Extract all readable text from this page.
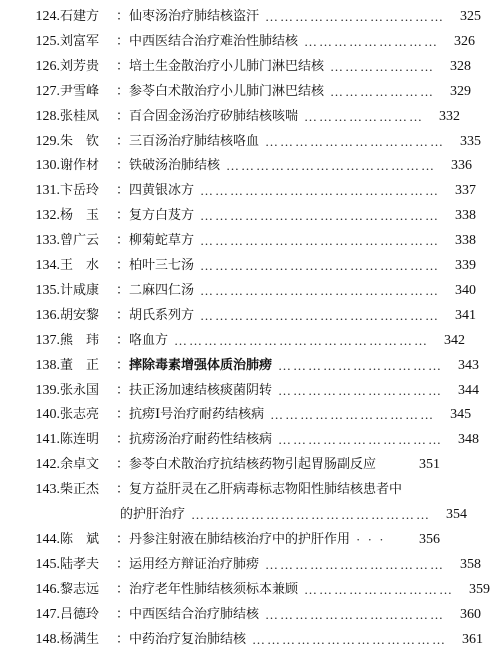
124. 石建方	： 仙枣汤治疗肺结核盗汗 ………………………………	325
125. 刘富军	： 中西医结合治疗难治性肺结核 ………………………	326
126. 刘芳贵	： 培土生金散治疗小儿肺门淋巴结核 …………………	328
127. 尹雪峰	： 参苓白术散治疗小儿肺门淋巴结核 …………………	329
128. 张桂凤	： 百合固金汤治疗矽肺结核咳喘 ……………………	332
129. 朱　钦	： 三百汤治疗肺结核咯血 ………………………………	335
130. 谢作材	： 铁破汤治肺结核 ……………………………………	336
131. 卞岳玲	： 四黄银冰方 …………………………………………	337
132. 杨　玉	： 复方白芨方 …………………………………………	338
133. 曾广云	： 柳菊蛇草方 …………………………………………	338
134. 王　水	： 柏叶三七汤 …………………………………………	339
135. 计咸康	： 二麻四仁汤 …………………………………………	340
136. 胡安黎	： 胡氏系列方 …………………………………………	341
137. 熊　玮	： 咯血方 ……………………………………………	342
138. 董　正	： 摔除毒素增强体质治肺痨 ……………………………	343
139. 张永国	： 扶正汤加速结核痰菌阴转 ……………………………	344
140. 张志亮	： 抗痨Ⅰ号治疗耐药结核病 ……………………………	345
141. 陈连明	： 抗痨汤治疗耐药性结核病 ……………………………	348
142. 余卓文	： 参苓白术散治疗抗结核药物引起胃肠副反应	351
143. 柴正杰	： 复方益肝灵在乙肝病毒标志物阳性肺结核患者中
的护肝治疗 …………………………………………	354
144. 陈　斌	： 丹参注射液在肺结核治疗中的护肝作用 · · ·	356
145. 陆孝夫	： 运用经方辩证治疗肺痨 ………………………………	358
146. 黎志远	： 治疗老年性肺结核须标本兼顾 …………………………	359
147. 吕德玲	： 中西医结合治疗肺结核 ………………………………	360
148. 杨满生	： 中药治疗复治肺结核 …………………………………	361
